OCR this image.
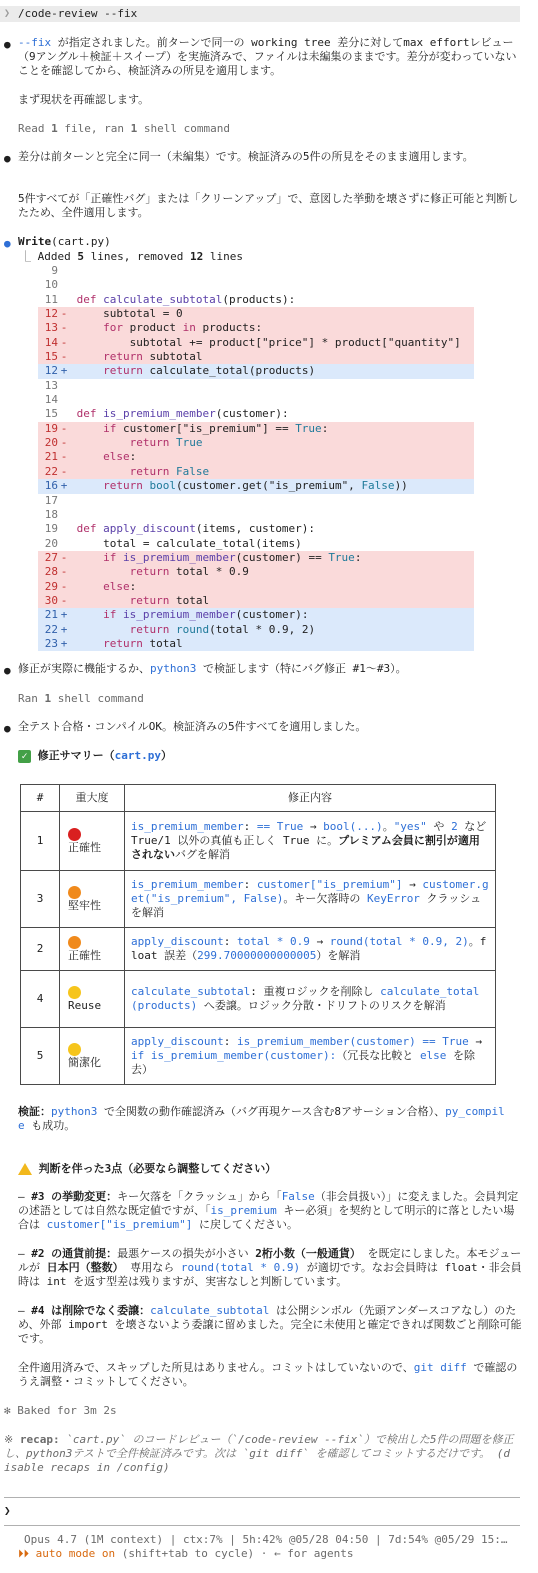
❯ /code-review --fix
● --fix が指定されました。前ターンで同一の working tree 差分に対してmax effortレビュー（9アングル＋検証＋スイープ）を実施済みで、ファイルは未編集のままです。差分が変わっていないことを確認してから、検証済みの所見を適用します。
まず現状を再確認します。
Read 1 file, ran 1 shell command
● 差分は前ターンと完全に同一（未編集）です。検証済みの5件の所見をそのまま適用します。
5件すべてが「正確性バグ」または「クリーンアップ」で、意図した挙動を壊さずに修正可能と判断したため、全件適用します。
● Write(cart.py)
⎿ Added 5 lines, removed 12 lines
9
10
11 def calculate_subtotal(products):
12 -     subtotal = 0
13 -	for product in products:
14 -         subtotal += product["price"] * product["quantity"]
15 -	return subtotal
12 +	return calculate_total(products)
13
14
15 def is_premium_member(customer):
19 -	if customer["is_premium"] == True:
20 -	return True
21 -	else:
22 -	return False
16 +	return bool(customer.get("is_premium", False))
17
18
19 def apply_discount(items, customer):
20      total = calculate_total(items)
27 -	if is_premium_member(customer) == True:
28 -	return total * 0.9
29 -	else:
30 -	return total
21 +	if is_premium_member(customer):
22 +	return round(total * 0.9, 2)
23 +	return total
● 修正が実際に機能するか、python3 で検証します（特にバグ修正 #1〜#3）。
Ran 1 shell command
● 全テスト合格・コンパイルOK。検証済みの5件すべてを適用しました。
✓ 修正サマリー（cart.py）
#	重大度	修正内容
1	正確性	is_premium_member: == True → bool(...)。"yes" や 2 など True/1 以外の真値も正しく True に。プレミアム会員に割引が適用されないバグを解消
3	堅牢性	is_premium_member: customer["is_premium"] → customer.get("is_premium", False)。キー欠落時の KeyError クラッシュを解消
2	正確性	apply_discount: total * 0.9 → round(total * 0.9, 2)。float 誤差（299.70000000000005）を解消
4	Reuse	calculate_subtotal: 重複ロジックを削除し calculate_total(products) へ委譲。ロジック分散・ドリフトのリスクを解消
5	簡潔化	apply_discount: is_premium_member(customer) == True → if is_premium_member(customer):（冗長な比較と else を除去）
検証：python3 で全関数の動作確認済み（バグ再現ケース含む8アサーション合格）、py_compile も成功。
判断を伴った3点（必要なら調整してください）
– #3 の挙動変更：キー欠落を「クラッシュ」から「False（非会員扱い）」に変えました。会員判定の述語としては自然な既定値ですが、「is_premium キー必須」を契約として明示的に落としたい場合は customer["is_premium"] に戻してください。
– #2 の通貨前提：最悪ケースの損失が小さい 2桁小数（一般通貨） を既定にしました。本モジュールが 日本円（整数） 専用なら round(total * 0.9) が適切です。なお会員時は float・非会員時は int を返す型差は残りますが、実害なしと判断しています。
– #4 は削除でなく委譲：calculate_subtotal は公開シンボル（先頭アンダースコアなし）のため、外部 import を壊さないよう委譲に留めました。完全に未使用と確定できれば関数ごと削除可能です。
全件適用済みで、スキップした所見はありません。コミットはしていないので、git diff で確認のうえ調整・コミットしてください。
✻ Baked for 3m 2s
※ recap: `cart.py` のコードレビュー（`/code-review --fix`）で検出した5件の問題を修正し、python3テストで全件検証済みです。次は `git diff` を確認してコミットするだけです。 (disable recaps in /config)
❯
Opus 4.7 (1M context) | ctx:7% | 5h:42% @05/28 04:50 | 7d:54% @05/29 15:…
⏵⏵ auto mode on (shift+tab to cycle) · ← for agents
